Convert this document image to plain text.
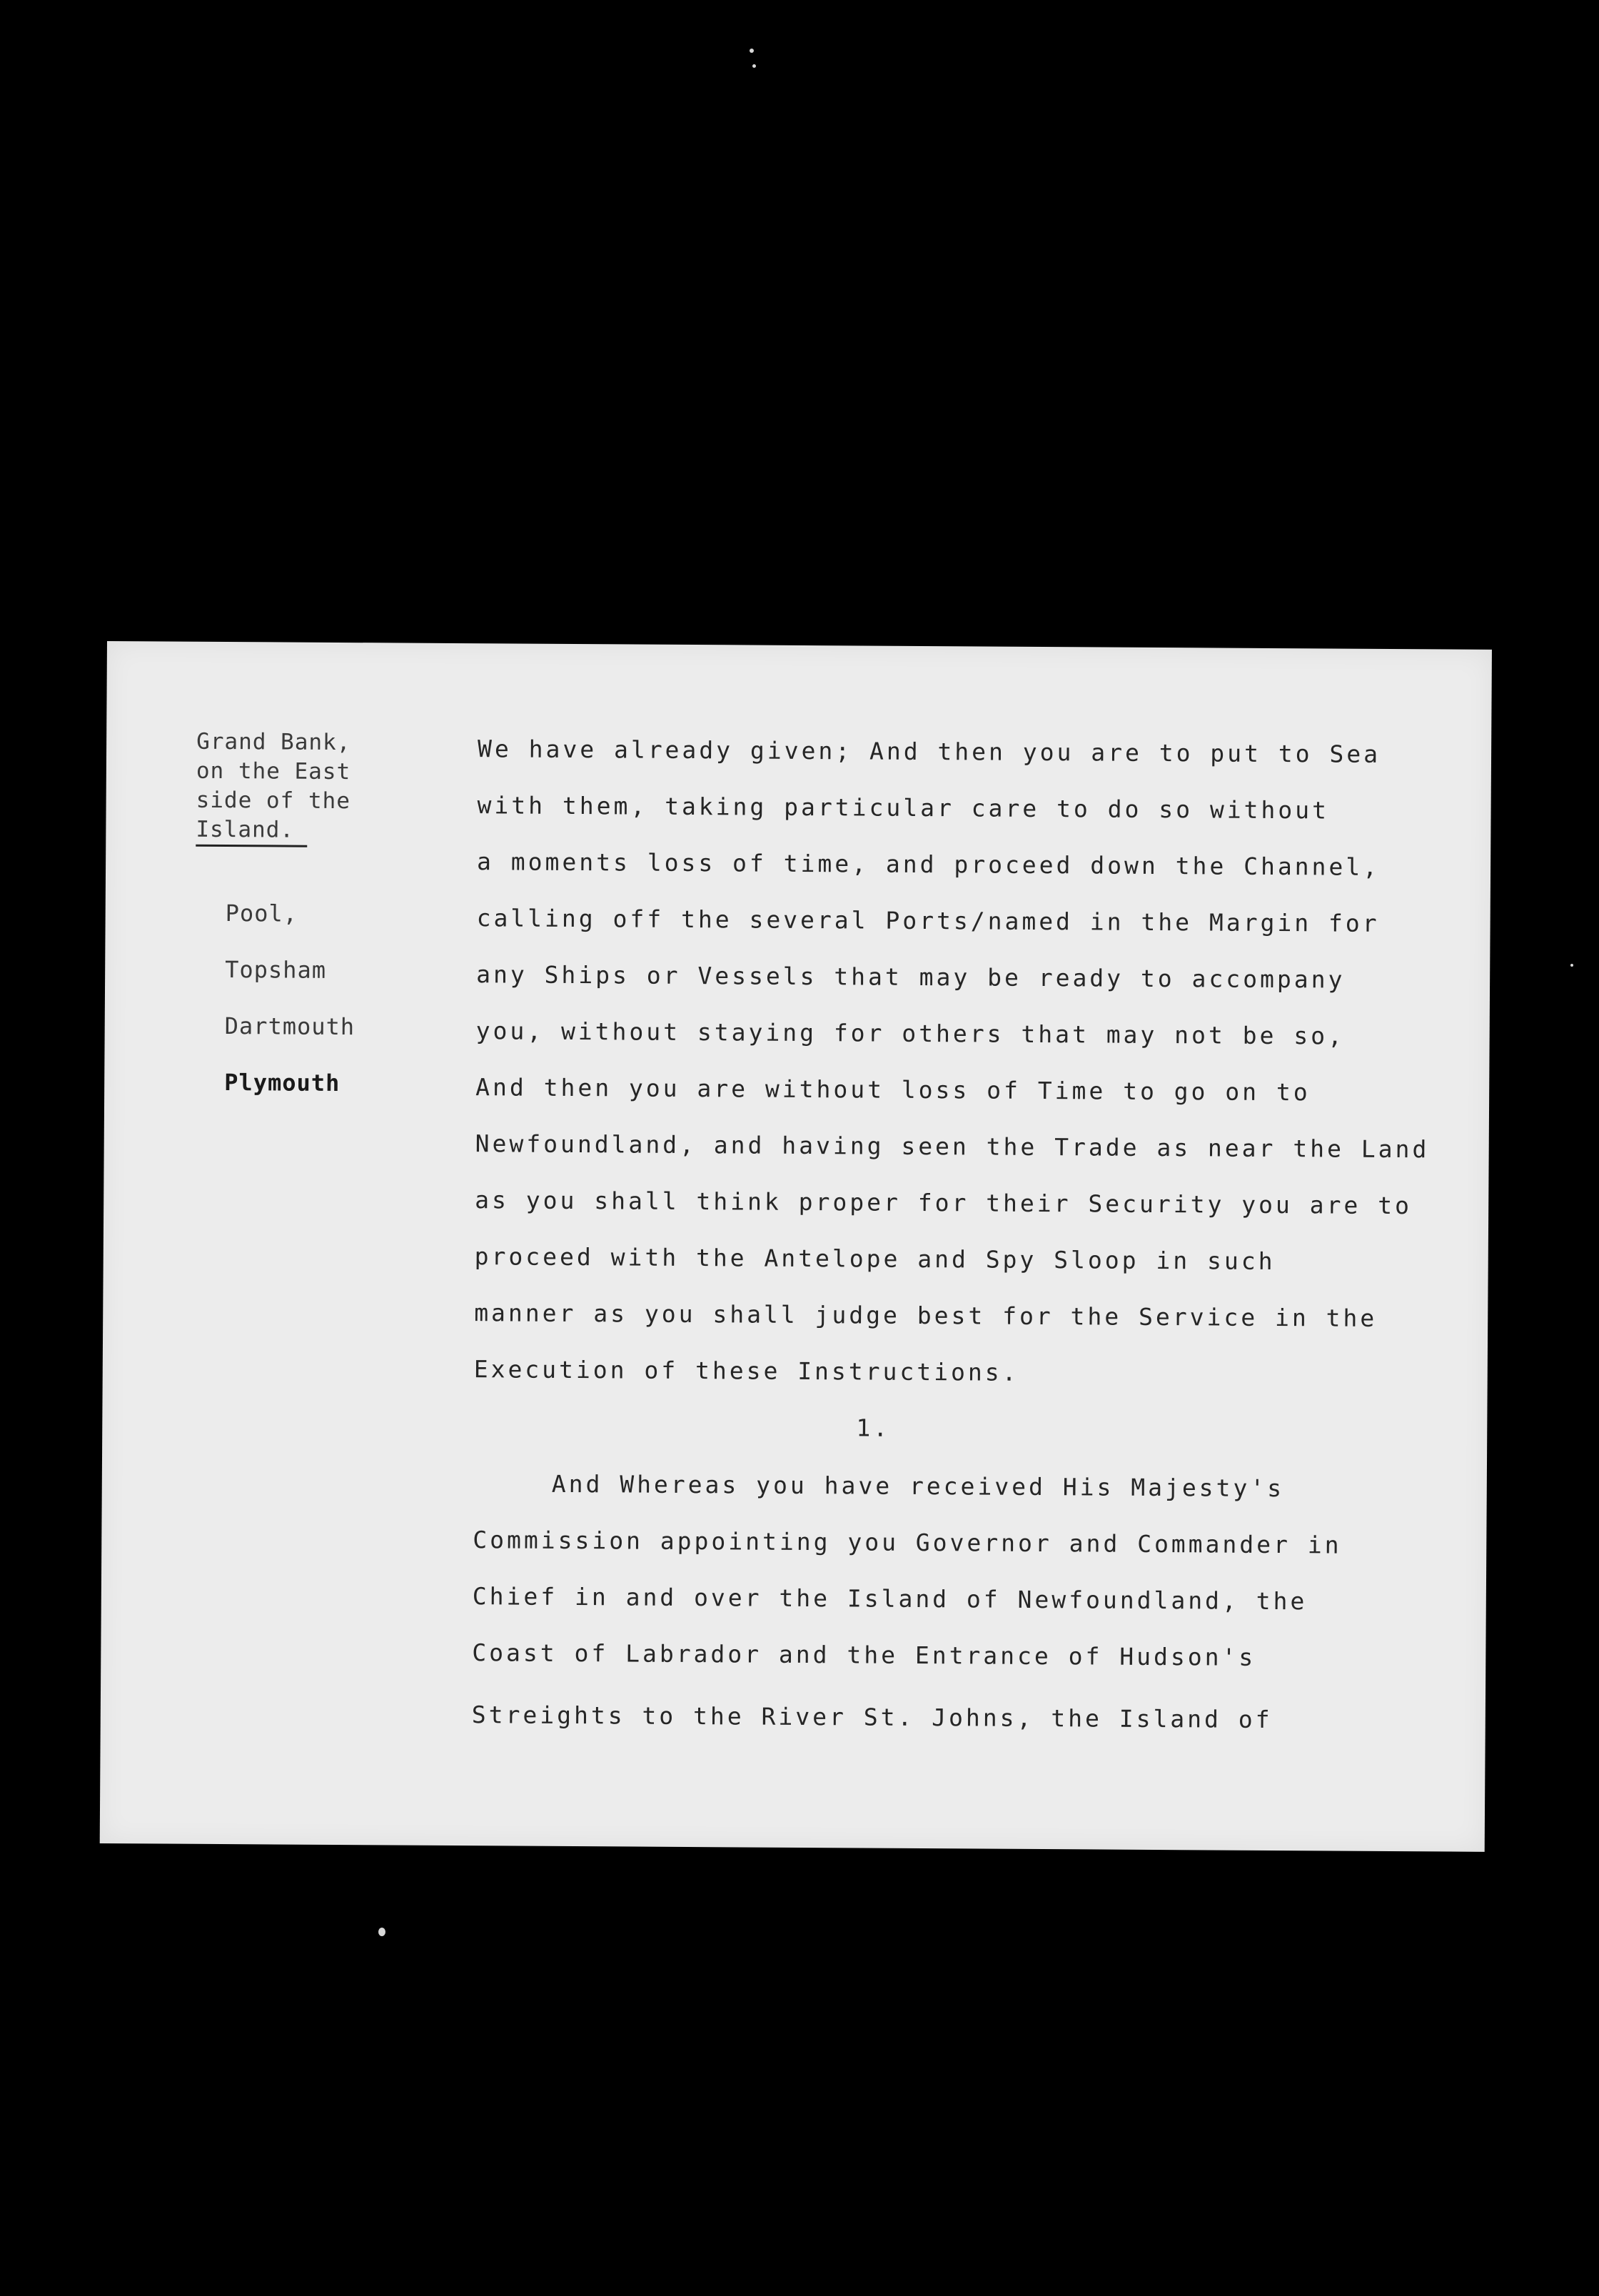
Grand Bank,
on the East
side of the
Island.
Pool,
Topsham
Dartmouth
Plymouth
We have already given; And then you are to put to Sea
with them, taking particular care to do so without
a moments loss of time, and proceed down the Channel,
calling off the several Ports/named in the Margin for
any Ships or Vessels that may be ready to accompany
you, without staying for others that may not be so,
And then you are without loss of Time to go on to
Newfoundland, and having seen the Trade as near the Land
as you shall think proper for their Security you are to
proceed with the Antelope and Spy Sloop in such
manner as you shall judge best for the Service in the
Execution of these Instructions.
1.
And Whereas you have received His Majesty's
Commission appointing you Governor and Commander in
Chief in and over the Island of Newfoundland, the
Coast of Labrador and the Entrance of Hudson's
Streights to the River St. Johns, the Island of
